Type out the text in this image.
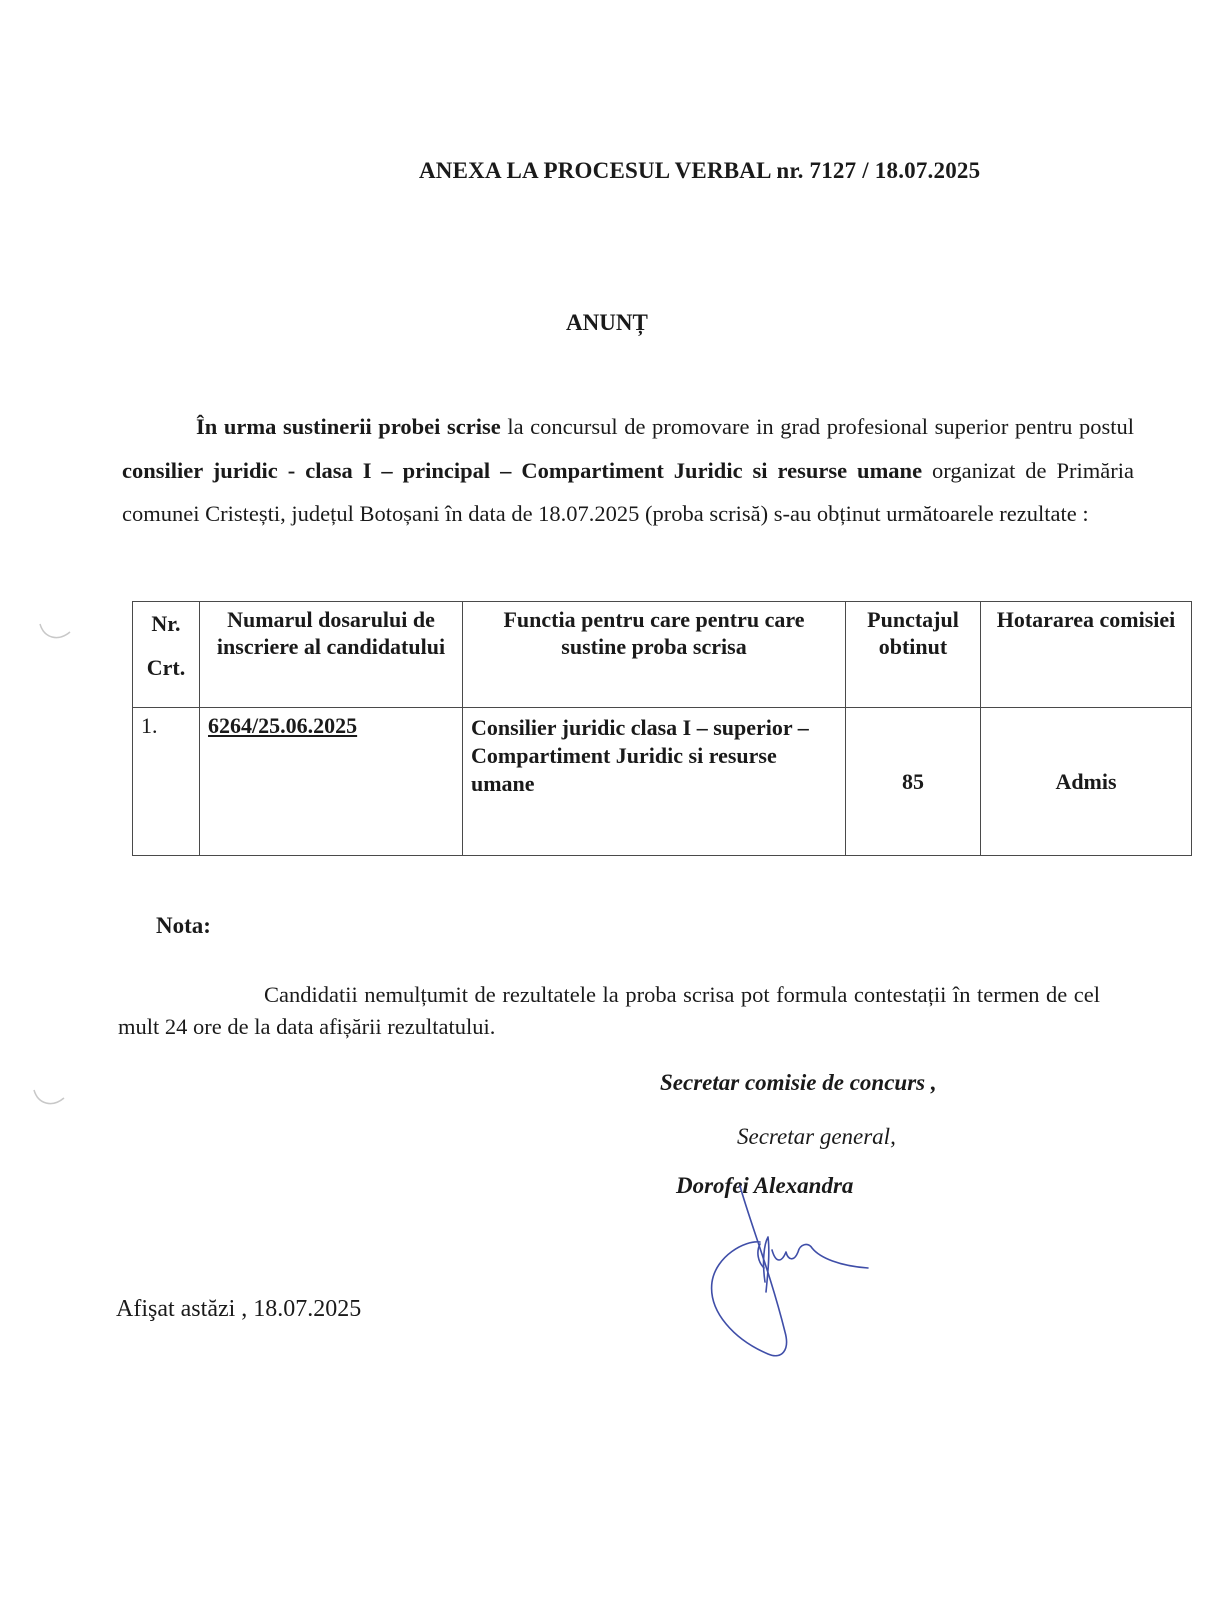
ANEXA LA PROCESUL VERBAL nr. 7127 / 18.07.2025
ANUNȚ
În urma sustinerii probei scrise la concursul de promovare in grad profesional superior pentru postul consilier juridic - clasa I – principal – Compartiment Juridic si resurse umane organizat de Primăria comunei Cristești, județul Botoșani în data de 18.07.2025 (proba scrisă) s-au obținut următoarele rezultate :
Nr.
Crt.	Numarul dosarului de inscriere al candidatului	Functia pentru care pentru care sustine proba scrisa	Punctajul obtinut	Hotararea comisiei
1.	6264/25.06.2025	Consilier juridic clasa I – superior – Compartiment Juridic si resurse umane	85	Admis
Nota:
Candidatii nemulțumit de rezultatele la proba scrisa pot formula contestații în termen de cel mult 24 ore de la data afișării rezultatului.
Secretar comisie de concurs ,
Secretar general,
Dorofei Alexandra
Afişat astăzi , 18.07.2025
